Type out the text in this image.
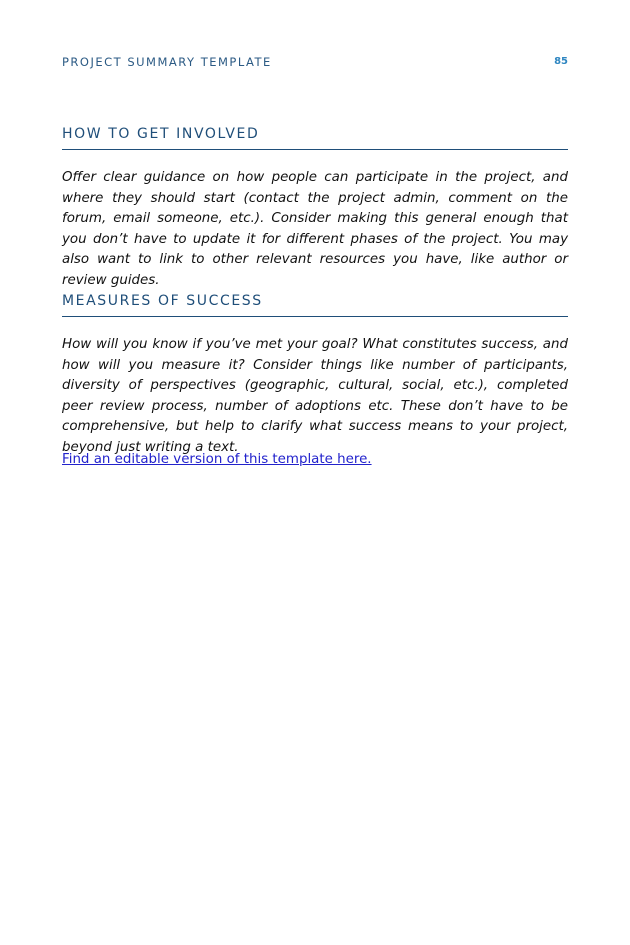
PROJECT SUMMARY TEMPLATE	85
HOW TO GET INVOLVED

Offer clear guidance on how people can participate in the project, and where they should start (contact the project admin, comment on the forum, email someone, etc.). Consider making this general enough that you don’t have to update it for different phases of the project. You may also want to link to other relevant resources you have, like author or review guides.

MEASURES OF SUCCESS

How will you know if you’ve met your goal? What constitutes success, and how will you measure it? Consider things like number of participants, diversity of perspectives (geographic, cultural, social, etc.), completed peer review process, number of adoptions etc. These don’t have to be comprehensive, but help to clarify what success means to your project, beyond just writing a text.

Find an editable version of this template here.
